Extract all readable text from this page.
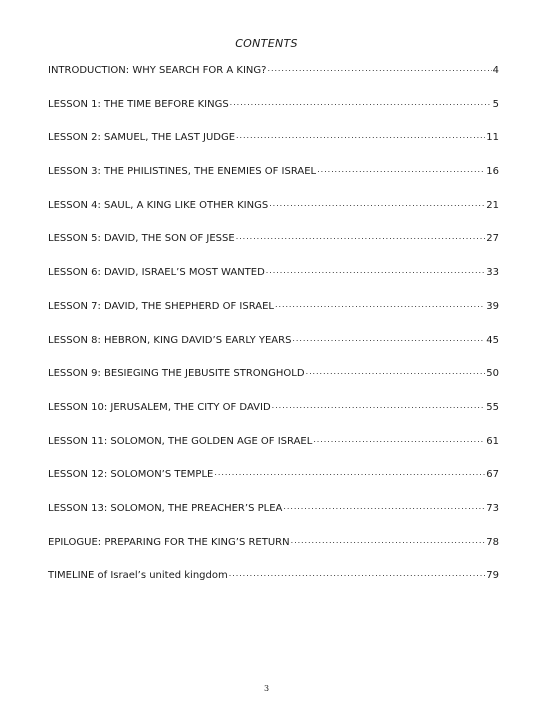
CONTENTS
INTRODUCTION: WHY SEARCH FOR A KING? . . .	4
LESSON 1: THE TIME BEFORE KINGS . . .	5
LESSON 2: SAMUEL, THE LAST JUDGE . . .	11
LESSON 3: THE PHILISTINES, THE ENEMIES OF ISRAEL . . .	16
LESSON 4: SAUL, A KING LIKE OTHER KINGS . . .	21
LESSON 5: DAVID, THE SON OF JESSE . . .	27
LESSON 6: DAVID, ISRAEL’S MOST WANTED . . .	33
LESSON 7: DAVID, THE SHEPHERD OF ISRAEL . . .	39
LESSON 8: HEBRON, KING DAVID’S EARLY YEARS . . .	45
LESSON 9: BESIEGING THE JEBUSITE STRONGHOLD . . .	50
LESSON 10: JERUSALEM, THE CITY OF DAVID . . .	55
LESSON 11: SOLOMON, THE GOLDEN AGE OF ISRAEL . . .	61
LESSON 12: SOLOMON’S TEMPLE . . .	67
LESSON 13: SOLOMON, THE PREACHER’S PLEA . . .	73
EPILOGUE: PREPARING FOR THE KING’S RETURN . . .	78
TIMELINE of Israel’s united kingdom . . .	79
3
